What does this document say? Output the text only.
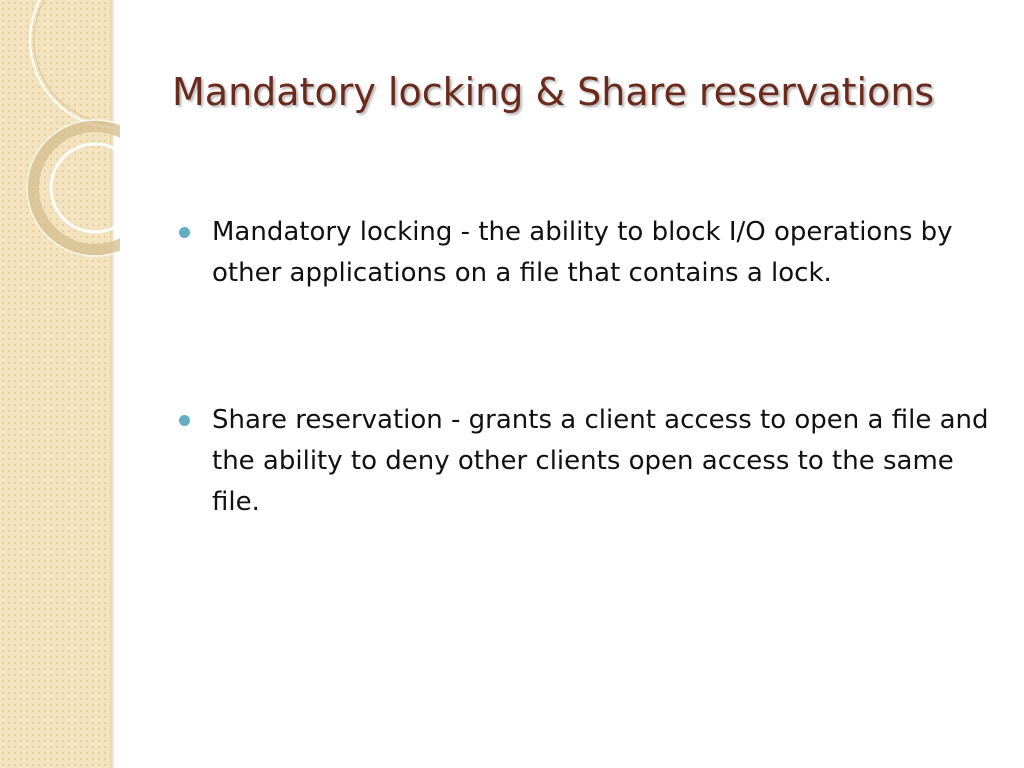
Mandatory locking & Share reservations
Mandatory locking - the ability to block I/O operations by other applications on a file that contains a lock.
Share reservation - grants a client access to open a file and the ability to deny other clients open access to the same file.
